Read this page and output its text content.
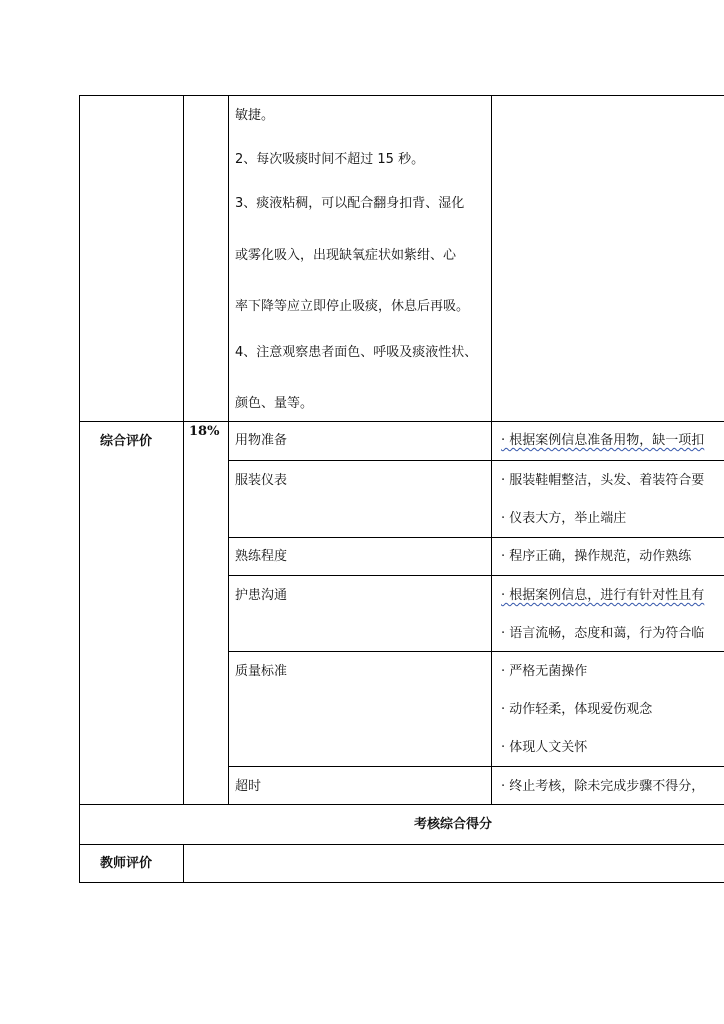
敏捷。
2、每次吸痰时间不超过 15 秒。
3、痰液粘稠，可以配合翻身扣背、湿化
或雾化吸入，出现缺氧症状如紫绀、心
率下降等应立即停止吸痰，休息后再吸。
4、注意观察患者面色、呼吸及痰液性状、
颜色、量等。
综合评价
18%
用物准备	· 根据案例信息准备用物，缺一项扣
服装仪表	· 服装鞋帽整洁，头发、着装符合要
· 仪表大方，举止端庄
熟练程度	· 程序正确，操作规范，动作熟练
护患沟通	· 根据案例信息，进行有针对性且有
· 语言流畅，态度和蔼，行为符合临
质量标准	· 严格无菌操作
· 动作轻柔，体现爱伤观念
· 体现人文关怀
超时	· 终止考核，除未完成步骤不得分，
考核综合得分
教师评价
